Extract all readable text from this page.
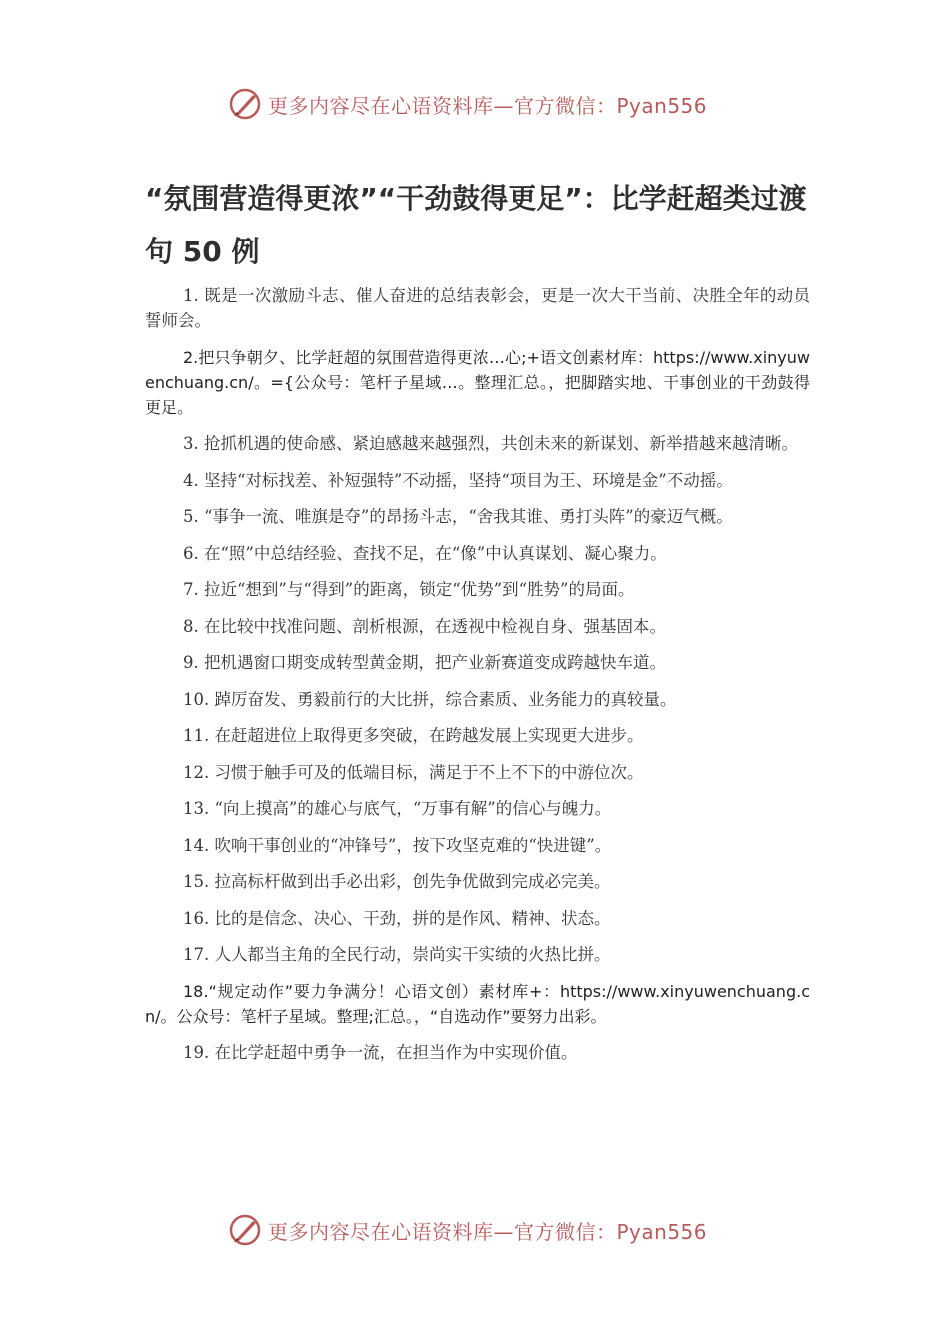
更多内容尽在心语资料库—官方微信：Pyan556
“氛围营造得更浓”“干劲鼓得更足”：比学赶超类过渡句 50 例

1. 既是一次激励斗志、催人奋进的总结表彰会，更是一次大干当前、决胜全年的动员誓师会。

2.把只争朝夕、比学赶超的氛围营造得更浓…心;+语文创素材库：https://www.xinyuwenchuang.cn/。={公众号：笔杆子星域…。整理汇总。，把脚踏实地、干事创业的干劲鼓得更足。

3. 抢抓机遇的使命感、紧迫感越来越强烈，共创未来的新谋划、新举措越来越清晰。

4. 坚持“对标找差、补短强特”不动摇，坚持“项目为王、环境是金”不动摇。

5. “事争一流、唯旗是夺”的昂扬斗志，“舍我其谁、勇打头阵”的豪迈气概。

6. 在“照”中总结经验、查找不足，在“像”中认真谋划、凝心聚力。

7. 拉近“想到”与“得到”的距离，锁定“优势”到“胜势”的局面。

8. 在比较中找准问题、剖析根源，在透视中检视自身、强基固本。

9. 把机遇窗口期变成转型黄金期，把产业新赛道变成跨越快车道。

10. 踔厉奋发、勇毅前行的大比拼，综合素质、业务能力的真较量。

11. 在赶超进位上取得更多突破，在跨越发展上实现更大进步。

12. 习惯于触手可及的低端目标，满足于不上不下的中游位次。

13. “向上摸高”的雄心与底气，“万事有解”的信心与魄力。

14. 吹响干事创业的“冲锋号”，按下攻坚克难的“快进键”。

15. 拉高标杆做到出手必出彩，创先争优做到完成必完美。

16. 比的是信念、决心、干劲，拼的是作风、精神、状态。

17. 人人都当主角的全民行动，崇尚实干实绩的火热比拼。

18.“规定动作”要力争满分！心语文创）素材库+：https://www.xinyuwenchuang.cn/。公众号：笔杆子星域。整理;汇总。，“自选动作”要努力出彩。

19. 在比学赶超中勇争一流，在担当作为中实现价值。

更多内容尽在心语资料库—官方微信：Pyan556
